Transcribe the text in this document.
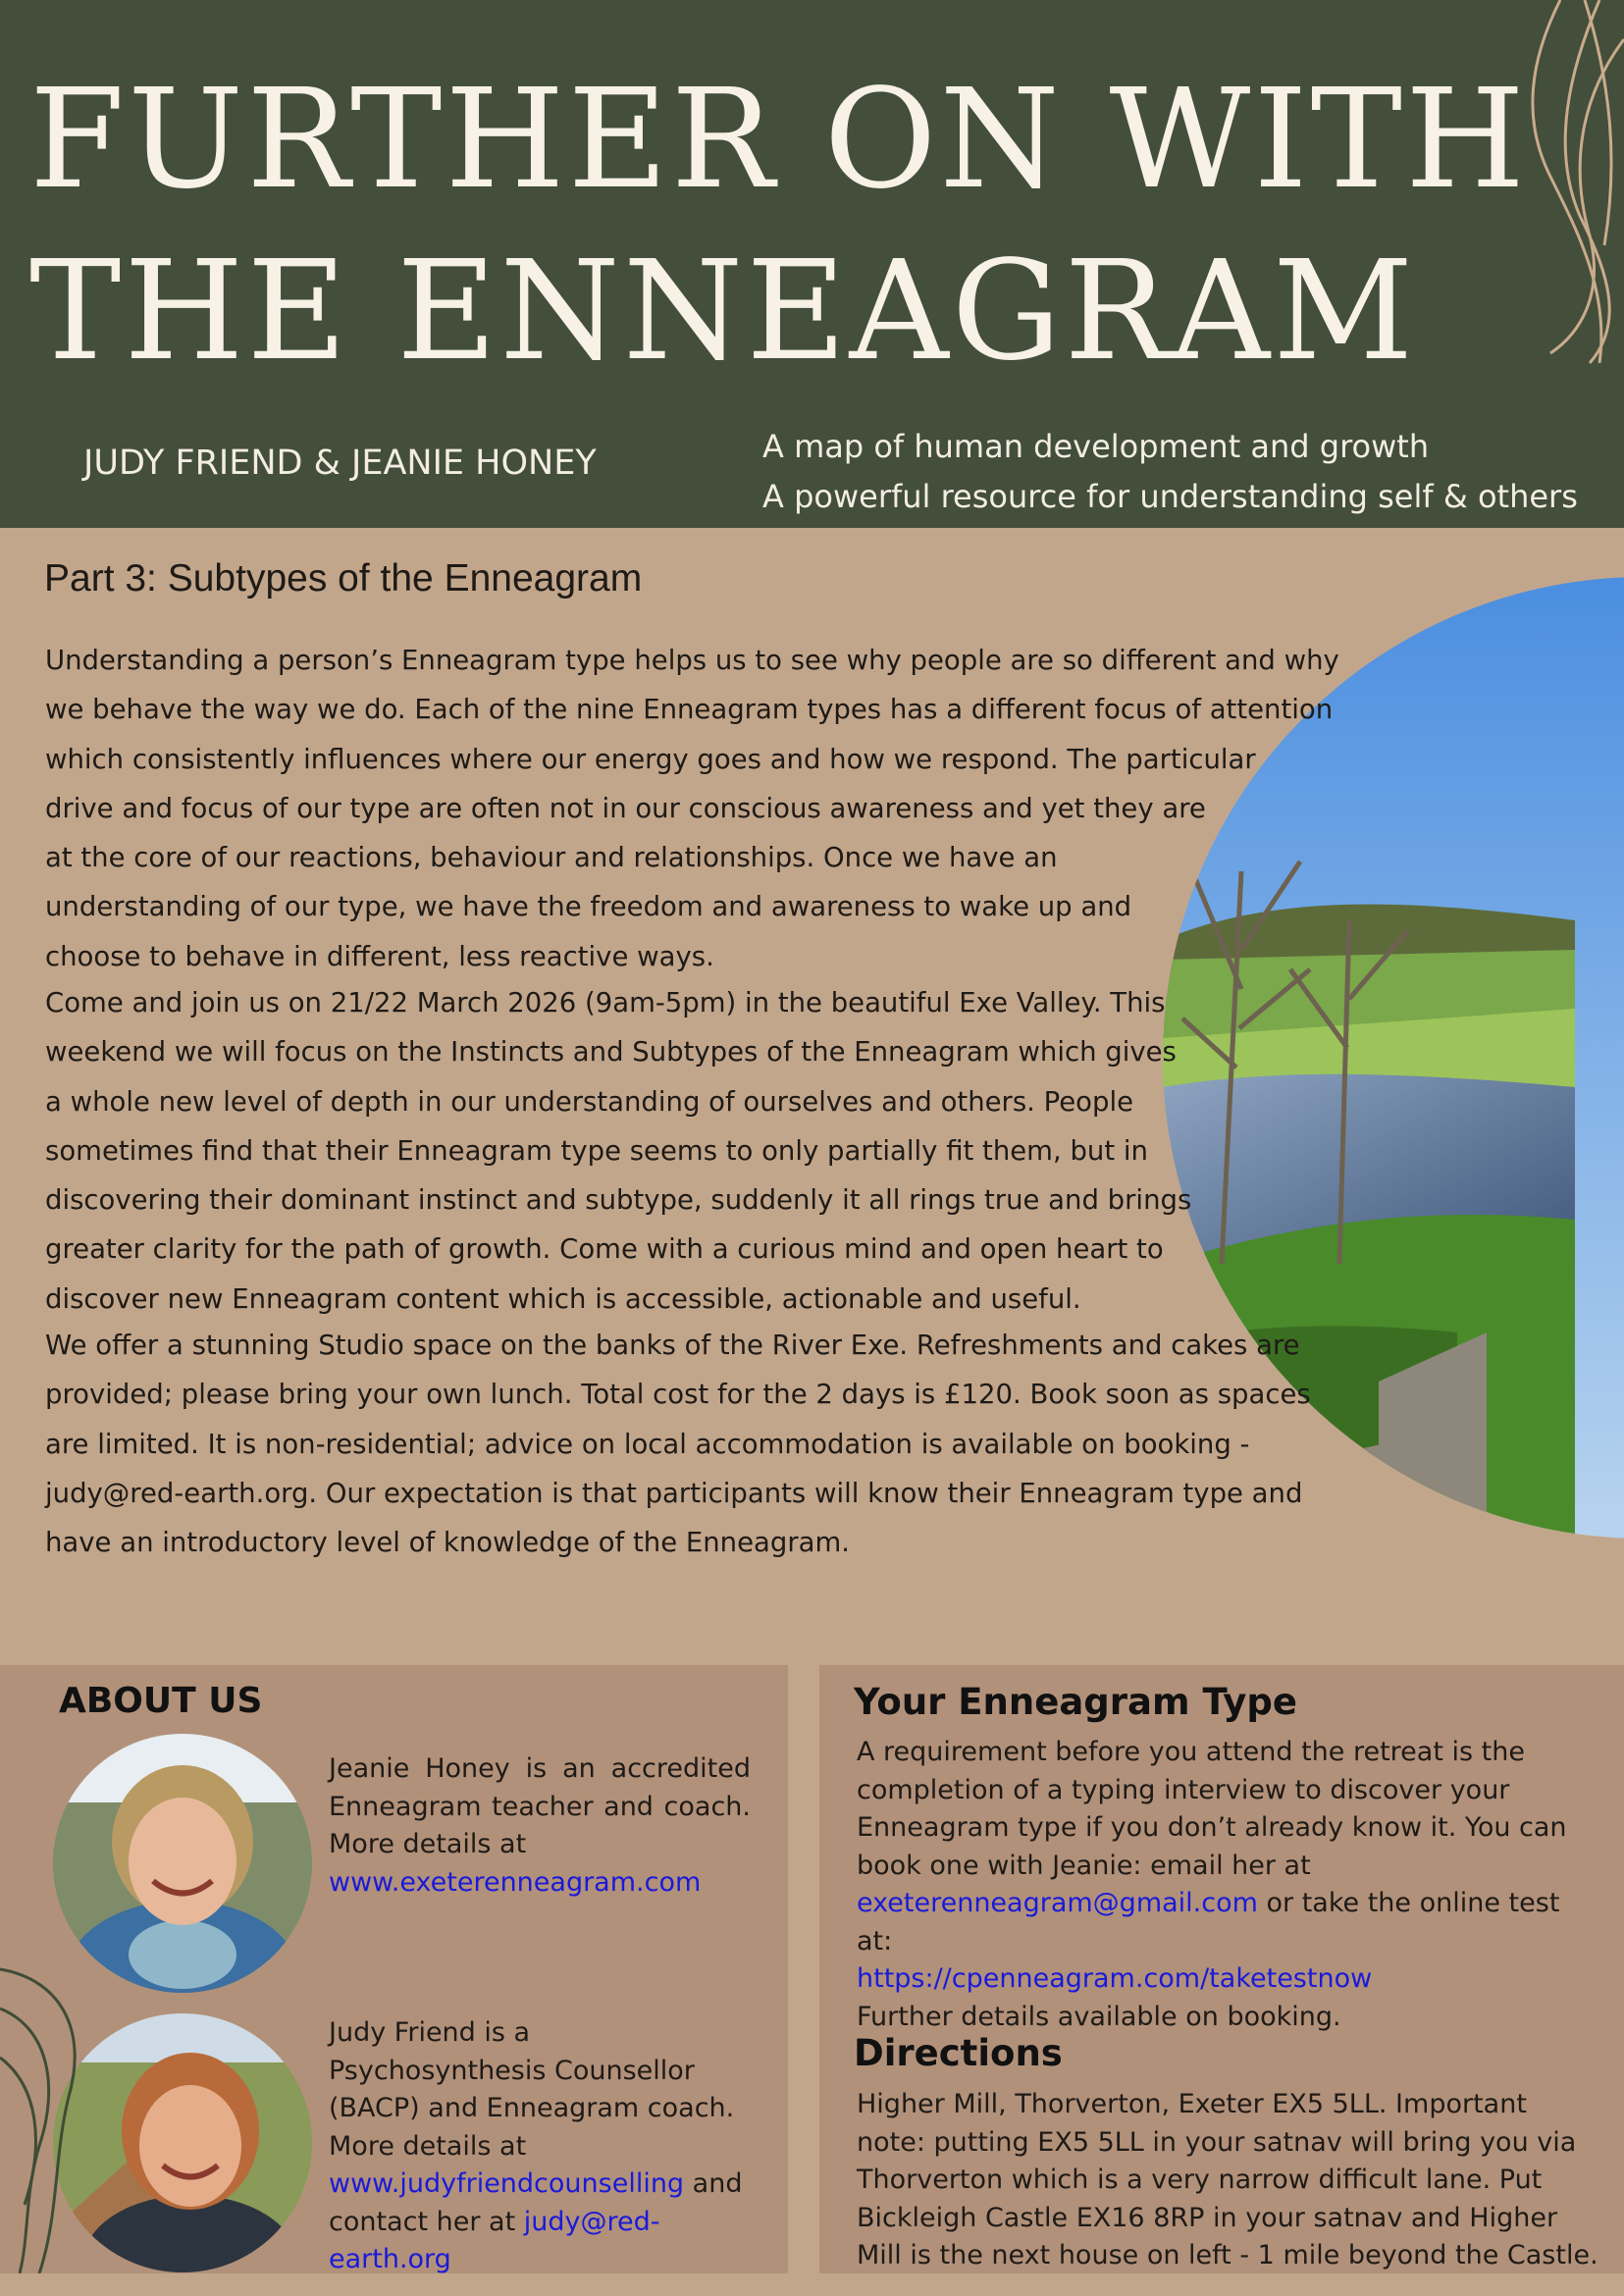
FURTHER ON WITH
THE ENNEAGRAM
JUDY FRIEND & JEANIE HONEY	A map of human development and growth
A powerful resource for understanding self & others
Part 3: Subtypes of the Enneagram

Understanding a person’s Enneagram type helps us to see why people are so different and why
we behave the way we do. Each of the nine Enneagram types has a different focus of attention
which consistently influences where our energy goes and how we respond. The particular
drive and focus of our type are often not in our conscious awareness and yet they are
at the core of our reactions, behaviour and relationships. Once we have an
understanding of our type, we have the freedom and awareness to wake up and
choose to behave in different, less reactive ways.

Come and join us on 21/22 March 2026 (9am-5pm) in the beautiful Exe Valley. This
weekend we will focus on the Instincts and Subtypes of the Enneagram which gives
a whole new level of depth in our understanding of ourselves and others. People
sometimes find that their Enneagram type seems to only partially fit them, but in
discovering their dominant instinct and subtype, suddenly it all rings true and brings
greater clarity for the path of growth. Come with a curious mind and open heart to
discover new Enneagram content which is accessible, actionable and useful.

We offer a stunning Studio space on the banks of the River Exe. Refreshments and cakes are
provided; please bring your own lunch. Total cost for the 2 days is £120. Book soon as spaces
are limited. It is non-residential; advice on local accommodation is available on booking -
judy@red-earth.org. Our expectation is that participants will know their Enneagram type and
have an introductory level of knowledge of the Enneagram.

ABOUT US

Jeanie Honey is an accredited Enneagram teacher and coach. More details at
www.exeterenneagram.com

Judy Friend is a Psychosynthesis Counsellor (BACP) and Enneagram coach. More details at www.judyfriendcounselling and contact her at judy@red-earth.org

Your Enneagram Type

A requirement before you attend the retreat is the completion of a typing interview to discover your Enneagram type if you don’t already know it. You can book one with Jeanie: email her at exeterenneagram@gmail.com or take the online test at:
https://cpenneagram.com/taketestnow
Further details available on booking.

Directions

Higher Mill, Thorverton, Exeter EX5 5LL. Important note: putting EX5 5LL in your satnav will bring you via Thorverton which is a very narrow difficult lane. Put Bickleigh Castle EX16 8RP in your satnav and Higher Mill is the next house on left - 1 mile beyond the Castle.
